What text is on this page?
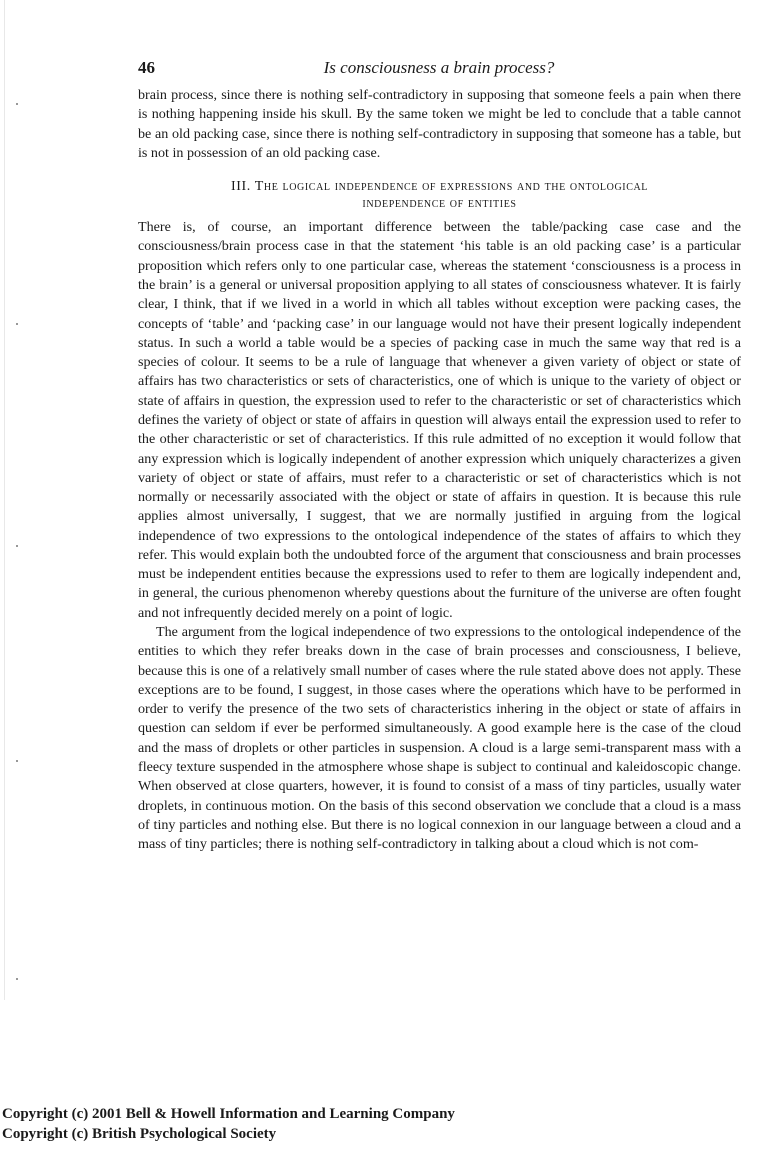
46	Is consciousness a brain process?

brain process, since there is nothing self-contradictory in supposing that someone feels a pain when there is nothing happening inside his skull. By the same token we might be led to conclude that a table cannot be an old packing case, since there is nothing self-contradictory in supposing that someone has a table, but is not in possession of an old packing case.

III. The logical independence of expressions and the ontological
independence of entities

There is, of course, an important difference between the table/packing case case and the consciousness/brain process case in that the statement ‘his table is an old packing case’ is a particular proposition which refers only to one particular case, whereas the statement ‘consciousness is a process in the brain’ is a general or universal proposition applying to all states of consciousness whatever. It is fairly clear, I think, that if we lived in a world in which all tables without exception were packing cases, the concepts of ‘table’ and ‘packing case’ in our language would not have their present logically independent status. In such a world a table would be a species of packing case in much the same way that red is a species of colour. It seems to be a rule of language that whenever a given variety of object or state of affairs has two characteristics or sets of characteristics, one of which is unique to the variety of object or state of affairs in question, the expression used to refer to the characteristic or set of characteristics which defines the variety of object or state of affairs in question will always entail the expression used to refer to the other characteristic or set of characteristics. If this rule admitted of no exception it would follow that any expression which is logically independent of another expression which uniquely characterizes a given variety of object or state of affairs, must refer to a characteristic or set of characteristics which is not normally or necessarily associated with the object or state of affairs in question. It is because this rule applies almost universally, I suggest, that we are normally justified in arguing from the logical independence of two expressions to the ontological independence of the states of affairs to which they refer. This would explain both the undoubted force of the argument that consciousness and brain processes must be independent entities because the expressions used to refer to them are logically independent and, in general, the curious phenomenon whereby questions about the furniture of the universe are often fought and not infrequently decided merely on a point of logic.

The argument from the logical independence of two expressions to the ontological independence of the entities to which they refer breaks down in the case of brain processes and consciousness, I believe, because this is one of a relatively small number of cases where the rule stated above does not apply. These exceptions are to be found, I suggest, in those cases where the operations which have to be performed in order to verify the presence of the two sets of characteristics inhering in the object or state of affairs in question can seldom if ever be performed simultaneously. A good example here is the case of the cloud and the mass of droplets or other particles in suspension. A cloud is a large semi-transparent mass with a fleecy texture suspended in the atmosphere whose shape is subject to continual and kaleidoscopic change. When observed at close quarters, however, it is found to consist of a mass of tiny particles, usually water droplets, in continuous motion. On the basis of this second observation we conclude that a cloud is a mass of tiny particles and nothing else. But there is no logical connexion in our language between a cloud and a mass of tiny particles; there is nothing self-contradictory in talking about a cloud which is not com-

Copyright (c) 2001 Bell & Howell Information and Learning Company
Copyright (c) British Psychological Society
